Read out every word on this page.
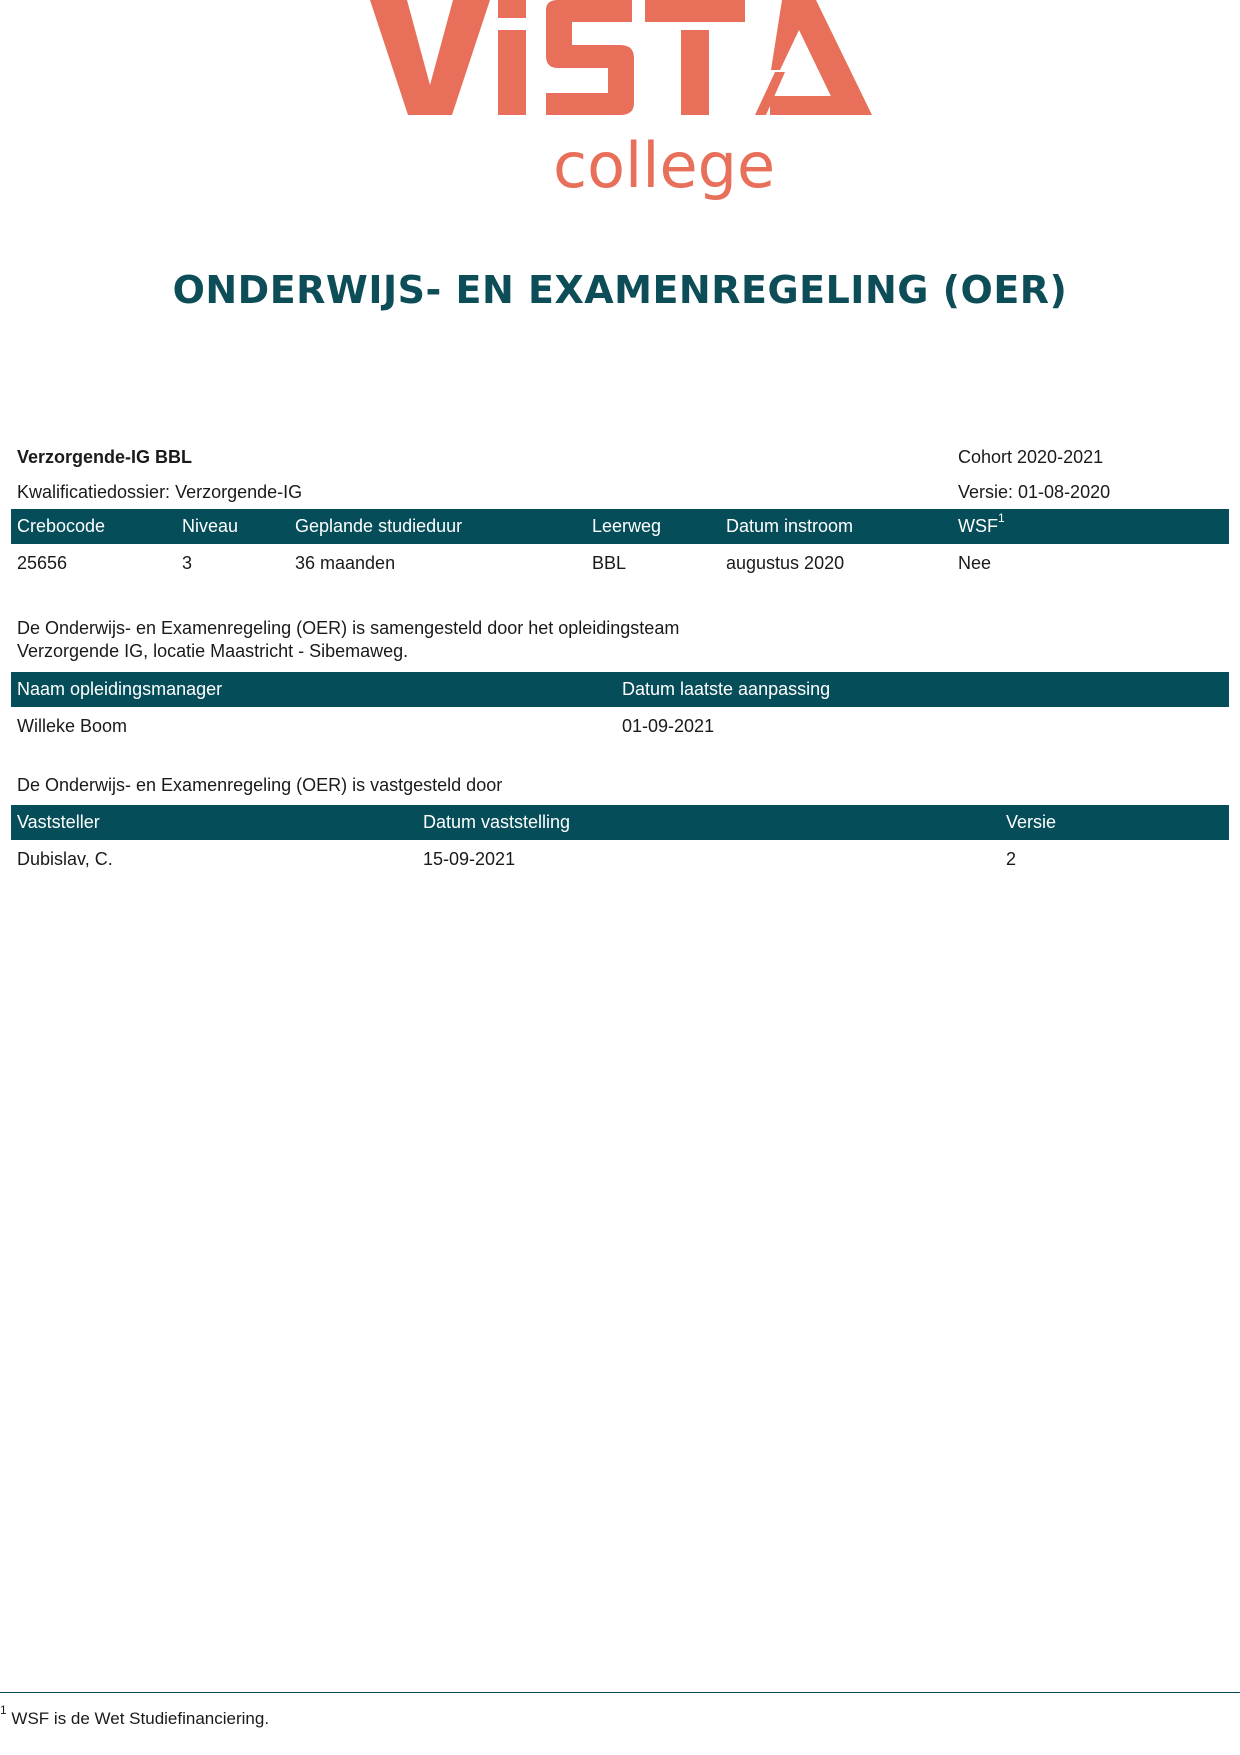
college
ONDERWIJS- EN EXAMENREGELING (OER)
Verzorgende-IG BBL	Cohort 2020-2021
Kwalificatiedossier: Verzorgende-IG	Versie: 01-08-2020
Crebocode	Niveau	Geplande studieduur	Leerweg	Datum instroom	WSF$^1$
25656	3	36 maanden	BBL	augustus 2020	Nee
De Onderwijs- en Examenregeling (OER) is samengesteld door het opleidingsteam
Verzorgende IG, locatie Maastricht - Sibemaweg.
Naam opleidingsmanager	Datum laatste aanpassing
Willeke Boom	01-09-2021
De Onderwijs- en Examenregeling (OER) is vastgesteld door
Vaststeller	Datum vaststelling	Versie
Dubislav, C.	15-09-2021	2
$^1$ WSF is de Wet Studiefinanciering.
